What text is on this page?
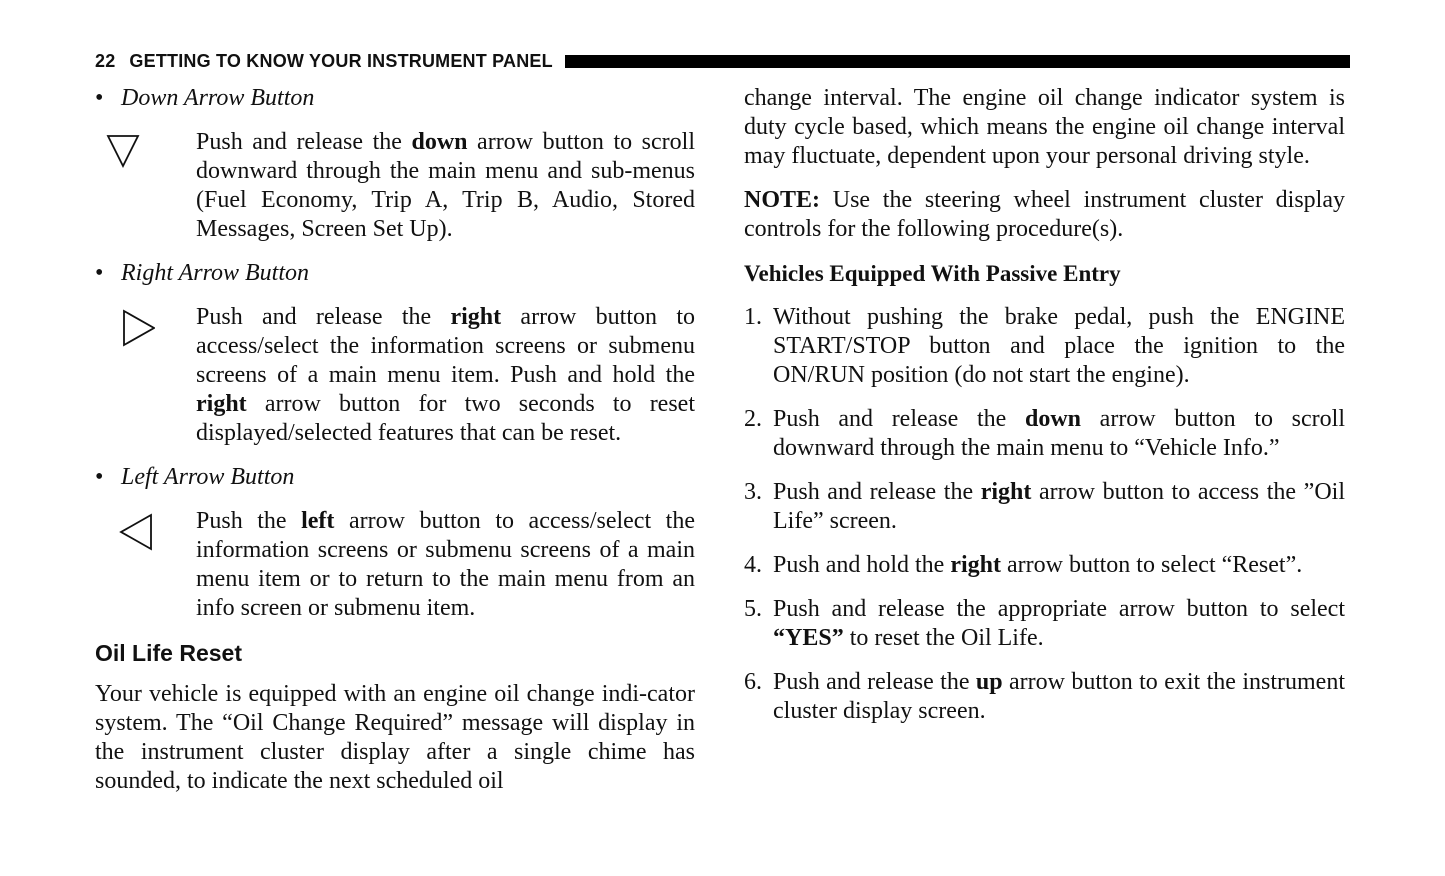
22 GETTING TO KNOW YOUR INSTRUMENT PANEL
• Down Arrow Button

Push and release the down arrow button to scroll downward through the main menu and sub-menus (Fuel Economy, Trip A, Trip B, Audio, Stored Messages, Screen Set Up).

• Right Arrow Button

Push and release the right arrow button to access/select the information screens or submenu screens of a main menu item. Push and hold the right arrow button for two seconds to reset displayed/selected features that can be reset.

• Left Arrow Button

Push the left arrow button to access/select the information screens or submenu screens of a main menu item or to return to the main menu from an info screen or submenu item.

Oil Life Reset

Your vehicle is equipped with an engine oil change indi-cator system. The “Oil Change Required” message will display in the instrument cluster display after a single chime has sounded, to indicate the next scheduled oil

change interval. The engine oil change indicator system is duty cycle based, which means the engine oil change interval may fluctuate, dependent upon your personal driving style.

NOTE: Use the steering wheel instrument cluster display controls for the following procedure(s).

Vehicles Equipped With Passive Entry
1. Without pushing the brake pedal, push the ENGINE START/STOP button and place the ignition to the ON/RUN position (do not start the engine).
2. Push and release the down arrow button to scroll downward through the main menu to “Vehicle Info.”
3. Push and release the right arrow button to access the ”Oil Life” screen.
4. Push and hold the right arrow button to select “Reset”.
5. Push and release the appropriate arrow button to select “YES” to reset the Oil Life.
6. Push and release the up arrow button to exit the instrument cluster display screen.
